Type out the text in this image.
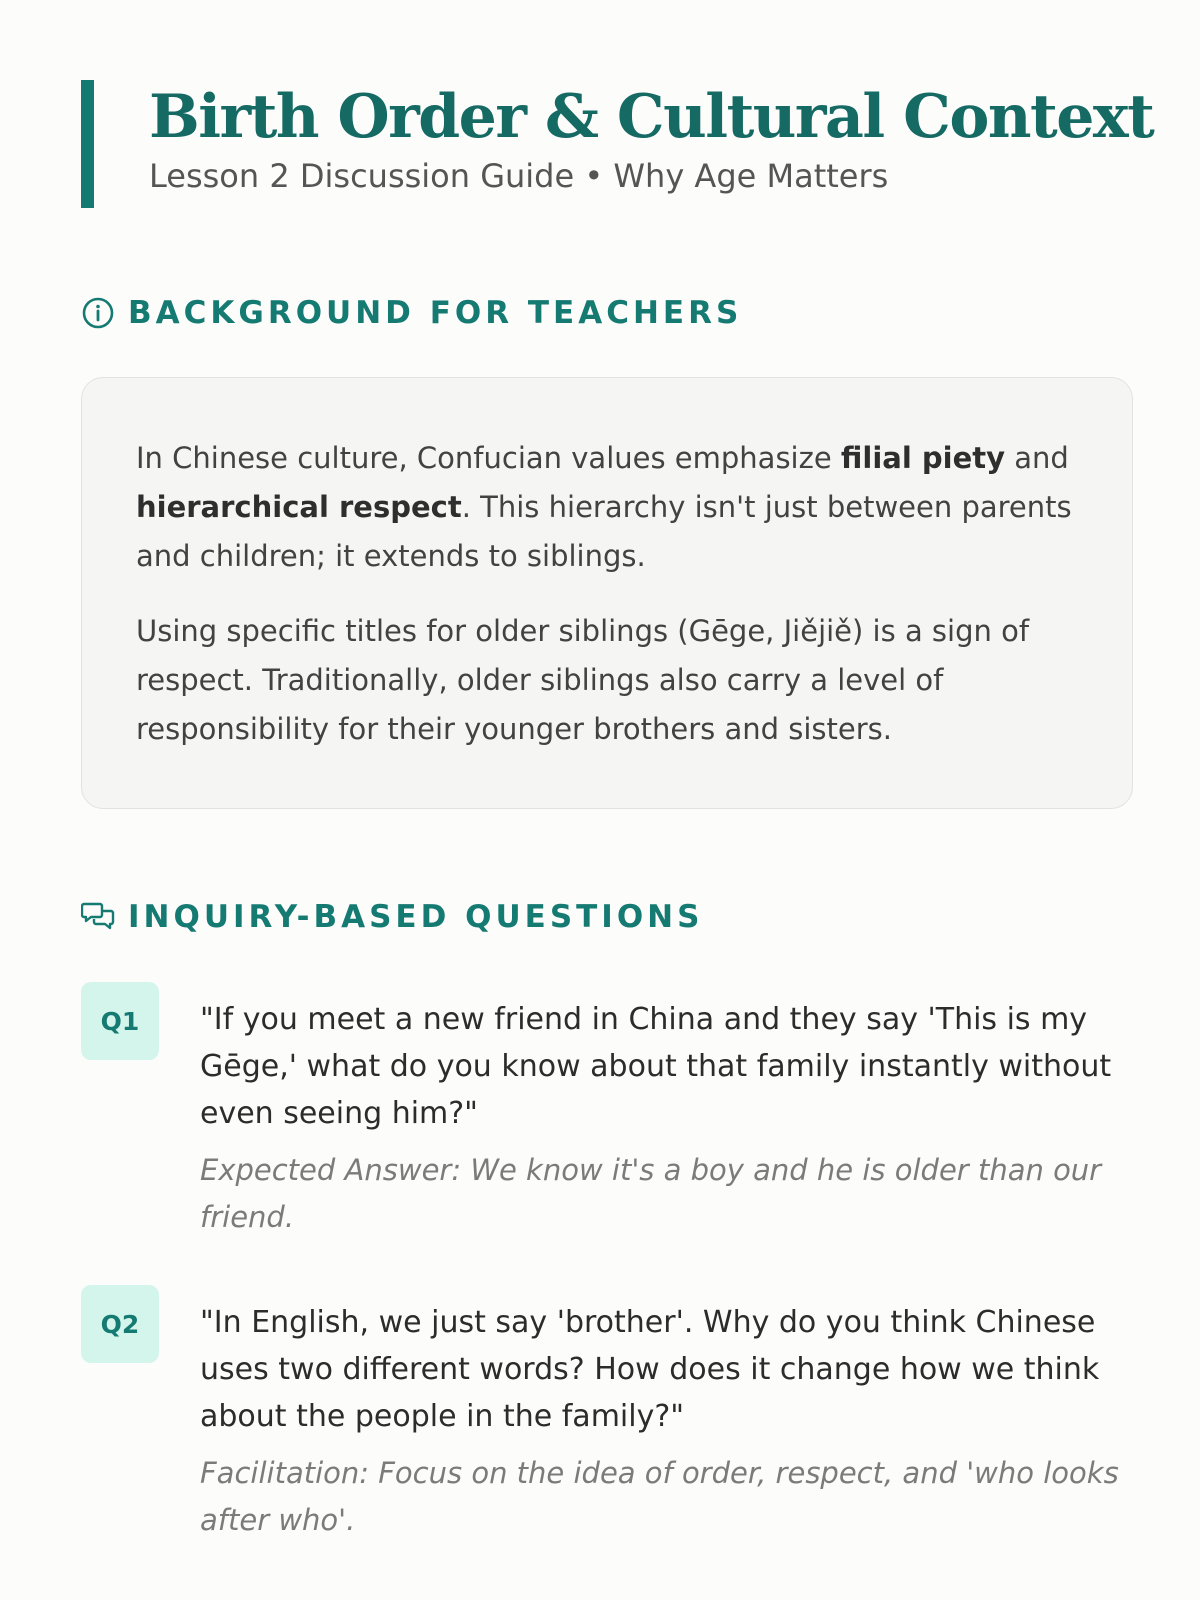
Birth Order & Cultural Context
Lesson 2 Discussion Guide • Why Age Matters
BACKGROUND FOR TEACHERS

In Chinese culture, Confucian values emphasize filial piety and hierarchical respect. This hierarchy isn't just between parents and children; it extends to siblings.

Using specific titles for older siblings (Gēge, Jiějiě) is a sign of respect. Traditionally, older siblings also carry a level of responsibility for their younger brothers and sisters.

INQUIRY-BASED QUESTIONS
Q1	"If you meet a new friend in China and they say 'This is my Gēge,' what do you know about that family instantly without even seeing him?"

Expected Answer: We know it's a boy and he is older than our friend.

Q2	"In English, we just say 'brother'. Why do you think Chinese uses two different words? How does it change how we think about the people in the family?"

Facilitation: Focus on the idea of order, respect, and 'who looks after who'.
